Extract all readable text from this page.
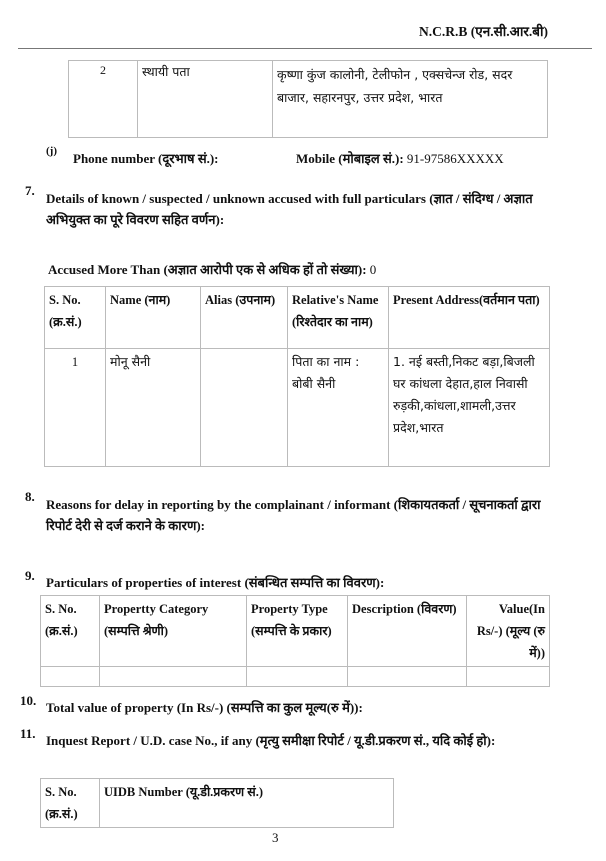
N.C.R.B (एन.सी.आर.बी)
2	स्थायी पता	कृष्णा कुंज कालोनी, टेलीफोन , एक्सचेन्ज रोड, सदर बाजार, सहारनपुर, उत्तर प्रदेश, भारत
(j) Phone number (दूरभाष सं.):	Mobile (मोबाइल सं.): 91-97586XXXXX
7.
Details of known / suspected / unknown accused with full particulars (ज्ञात / संदिग्ध / अज्ञात अभियुक्त का पूरे विवरण सहित वर्णन):
Accused More Than (अज्ञात आरोपी एक से अधिक हों तो संख्या): 0
S. No. (क्र.सं.)	Name (नाम)	Alias (उपनाम)	Relative's Name (रिश्तेदार का नाम)	Present Address(वर्तमान पता)
1	मोनू सैनी		पिता का नाम : बोबी सैनी	1. नई बस्ती,निकट बड़ा,बिजली घर कांधला देहात,हाल निवासी रुड़की,कांधला,शामली,उत्तर प्रदेश,भारत
8.
Reasons for delay in reporting by the complainant / informant (शिकायतकर्ता / सूचनाकर्ता द्वारा रिपोर्ट देरी से दर्ज कराने के कारण):
9. Particulars of properties of interest (संबन्धित सम्पत्ति का विवरण):
S. No. (क्र.सं.)	Propertty Category (सम्पत्ति श्रेणी)	Property Type (सम्पत्ति के प्रकार)	Description (विवरण)	Value(In Rs/-) (मूल्य (रु में))

10. Total value of property (In Rs/-) (सम्पत्ति का कुल मूल्य(रु में)):
11. Inquest Report / U.D. case No., if any (मृत्यु समीक्षा रिपोर्ट / यू.डी.प्रकरण सं., यदि कोई हो):
S. No. (क्र.सं.)	UIDB Number (यू.डी.प्रकरण सं.)
3
